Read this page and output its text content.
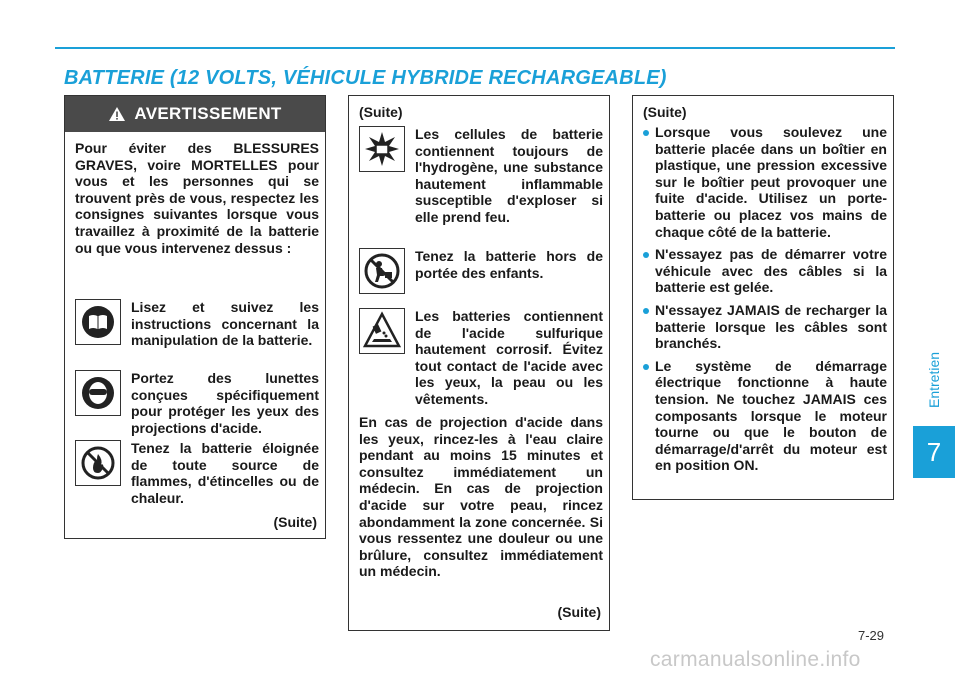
BATTERIE (12 VOLTS, VÉHICULE HYBRIDE RECHARGEABLE)
Entretien
7
AVERTISSEMENT
Pour éviter des BLESSURES GRAVES, voire MORTELLES pour vous et les personnes qui se trouvent près de vous, respectez les consignes suivantes lorsque vous travaillez à proximité de la batterie ou que vous intervenez dessus :
Lisez et suivez les instructions concernant la manipulation de la batterie.
Portez des lunettes conçues spécifiquement pour protéger les yeux des projections d'acide.
Tenez la batterie éloignée de toute source de flammes, d'étincelles ou de chaleur.
(Suite)
(Suite)
Les cellules de batterie contiennent toujours de l'hydrogène, une substance hautement inflammable susceptible d'exploser si elle prend feu.
Tenez la batterie hors de portée des enfants.
Les batteries contiennent de l'acide sulfurique hautement corrosif. Évitez tout contact de l'acide avec les yeux, la peau ou les vêtements.
En cas de projection d'acide dans les yeux, rincez-les à l'eau claire pendant au moins 15 minutes et consultez immédiatement un médecin. En cas de projection d'acide sur votre peau, rincez abondamment la zone concernée. Si vous ressentez une douleur ou une brûlure, consultez immédiatement un médecin.
(Suite)
(Suite)
Lorsque vous soulevez une batterie placée dans un boîtier en plastique, une pression excessive sur le boîtier peut provoquer une fuite d'acide. Utilisez un porte-batterie ou placez vos mains de chaque côté de la batterie.
N'essayez pas de démarrer votre véhicule avec des câbles si la batterie est gelée.
N'essayez JAMAIS de recharger la batterie lorsque les câbles sont branchés.
Le système de démarrage électrique fonctionne à haute tension. Ne touchez JAMAIS ces composants lorsque le moteur tourne ou que le bouton de démarrage/d'arrêt du moteur est en position ON.
7-29
carmanualsonline.info
